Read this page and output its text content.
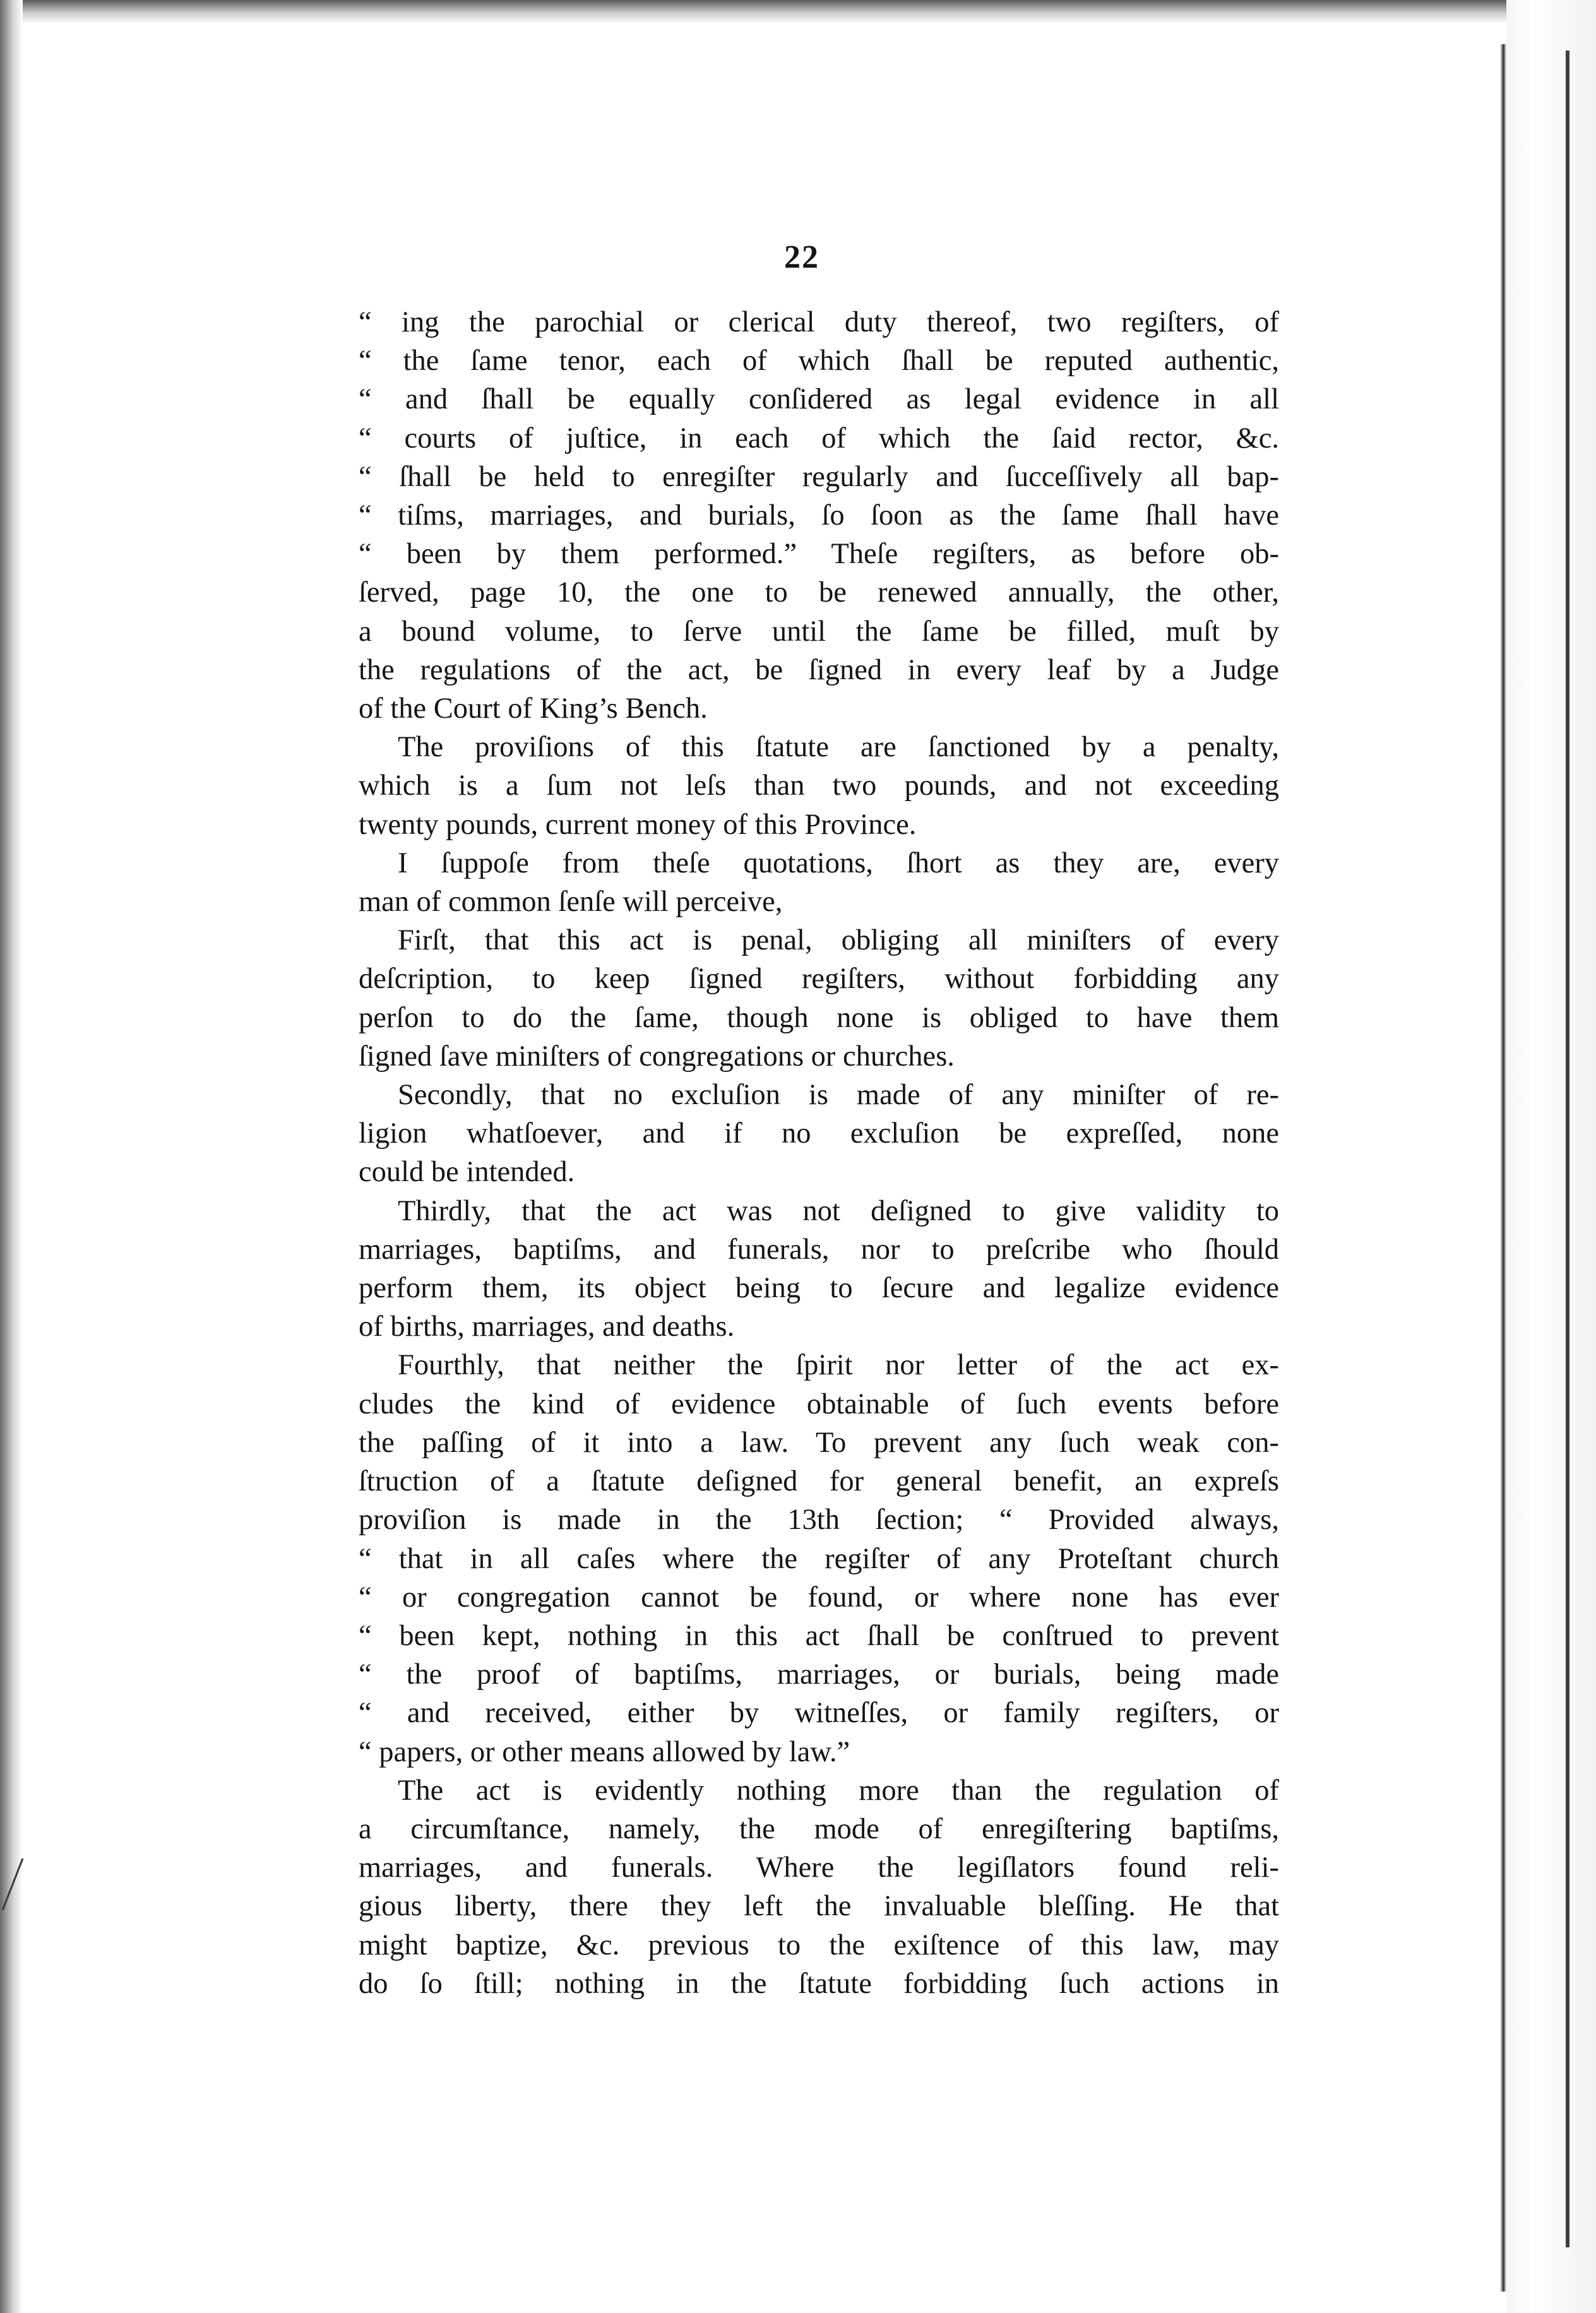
22
“ ing the parochial or clerical duty thereof, two regiſters, of
“ the ſame tenor, each of which ſhall be reputed authentic,
“ and ſhall be equally conſidered as legal evidence in all
“ courts of juſtice, in each of which the ſaid rector, &c.
“ ſhall be held to enregiſter regularly and ſucceſſively all bap-
“ tiſms, marriages, and burials, ſo ſoon as the ſame ſhall have
“ been by them performed.” Theſe regiſters, as before ob-
ſerved, page 10, the one to be renewed annually, the other,
a bound volume, to ſerve until the ſame be filled, muſt by
the regulations of the act, be ſigned in every leaf by a Judge
of the Court of King’s Bench.
The proviſions of this ſtatute are ſanctioned by a penalty,
which is a ſum not leſs than two pounds, and not exceeding
twenty pounds, current money of this Province.
I ſuppoſe from theſe quotations, ſhort as they are, every
man of common ſenſe will perceive,
Firſt, that this act is penal, obliging all miniſters of every
deſcription, to keep ſigned regiſters, without forbidding any
perſon to do the ſame, though none is obliged to have them
ſigned ſave miniſters of congregations or churches.
Secondly, that no excluſion is made of any miniſter of re-
ligion whatſoever, and if no excluſion be expreſſed, none
could be intended.
Thirdly, that the act was not deſigned to give validity to
marriages, baptiſms, and funerals, nor to preſcribe who ſhould
perform them, its object being to ſecure and legalize evidence
of births, marriages, and deaths.
Fourthly, that neither the ſpirit nor letter of the act ex-
cludes the kind of evidence obtainable of ſuch events before
the paſſing of it into a law. To prevent any ſuch weak con-
ſtruction of a ſtatute deſigned for general benefit, an expreſs
proviſion is made in the 13th ſection; “ Provided always,
“ that in all caſes where the regiſter of any Proteſtant church
“ or congregation cannot be found, or where none has ever
“ been kept, nothing in this act ſhall be conſtrued to prevent
“ the proof of baptiſms, marriages, or burials, being made
“ and received, either by witneſſes, or family regiſters, or
“ papers, or other means allowed by law.”
The act is evidently nothing more than the regulation of
a circumſtance, namely, the mode of enregiſtering baptiſms,
marriages, and funerals. Where the legiſlators found reli-
gious liberty, there they left the invaluable bleſſing. He that
might baptize, &c. previous to the exiſtence of this law, may
do ſo ſtill; nothing in the ſtatute forbidding ſuch actions in
